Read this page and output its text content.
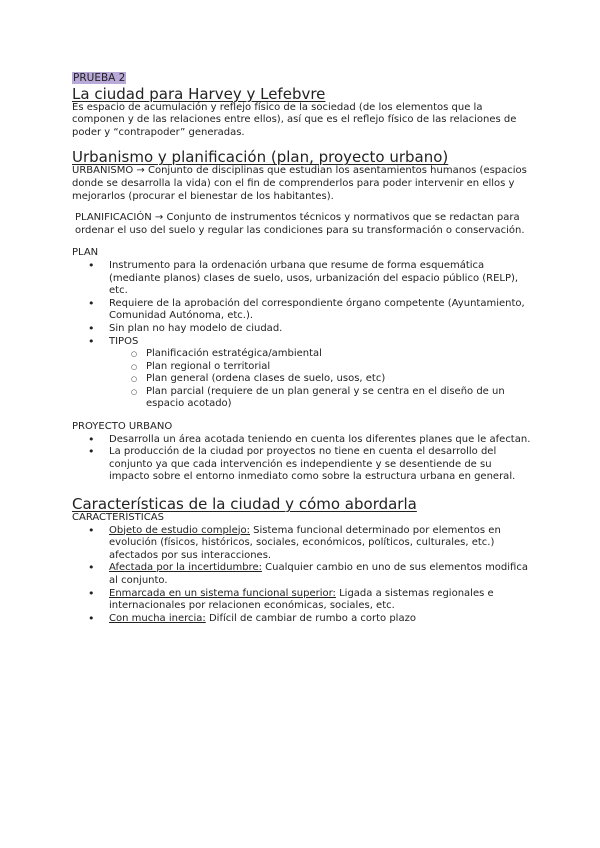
PRUEBA 2
La ciudad para Harvey y Lefebvre

Es espacio de acumulación y reflejo físico de la sociedad (de los elementos que la componen y de las relaciones entre ellos), así que es el reflejo físico de las relaciones de poder y “contrapoder” generadas.

Urbanismo y planificación (plan, proyecto urbano)

URBANISMO → Conjunto de disciplinas que estudian los asentamientos humanos (espacios donde se desarrolla la vida) con el fin de comprenderlos para poder intervenir en ellos y mejorarlos (procurar el bienestar de los habitantes).

PLANIFICACIÓN → Conjunto de instrumentos técnicos y normativos que se redactan para ordenar el uso del suelo y regular las condiciones para su transformación o conservación.

PLAN

• Instrumento para la ordenación urbana que resume de forma esquemática (mediante planos) clases de suelo, usos, urbanización del espacio público (RELP), etc.
• Requiere de la aprobación del correspondiente órgano competente (Ayuntamiento, Comunidad Autónoma, etc.).
• Sin plan no hay modelo de ciudad.
• TIPOS
○ Planificación estratégica/ambiental
○ Plan regional o territorial
○ Plan general (ordena clases de suelo, usos, etc)
○ Plan parcial (requiere de un plan general y se centra en el diseño de un espacio acotado)

PROYECTO URBANO

• Desarrolla un área acotada teniendo en cuenta los diferentes planes que le afectan.
• La producción de la ciudad por proyectos no tiene en cuenta el desarrollo del conjunto ya que cada intervención es independiente y se desentiende de su impacto sobre el entorno inmediato como sobre la estructura urbana en general.
Características de la ciudad y cómo abordarla

CARACTERÍSTICAS

• Objeto de estudio complejo: Sistema funcional determinado por elementos en evolución (físicos, históricos, sociales, económicos, políticos, culturales, etc.) afectados por sus interacciones.
• Afectada por la incertidumbre: Cualquier cambio en uno de sus elementos modifica al conjunto.
• Enmarcada en un sistema funcional superior: Ligada a sistemas regionales e internacionales por relacionen económicas, sociales, etc.
• Con mucha inercia: Difícil de cambiar de rumbo a corto plazo
